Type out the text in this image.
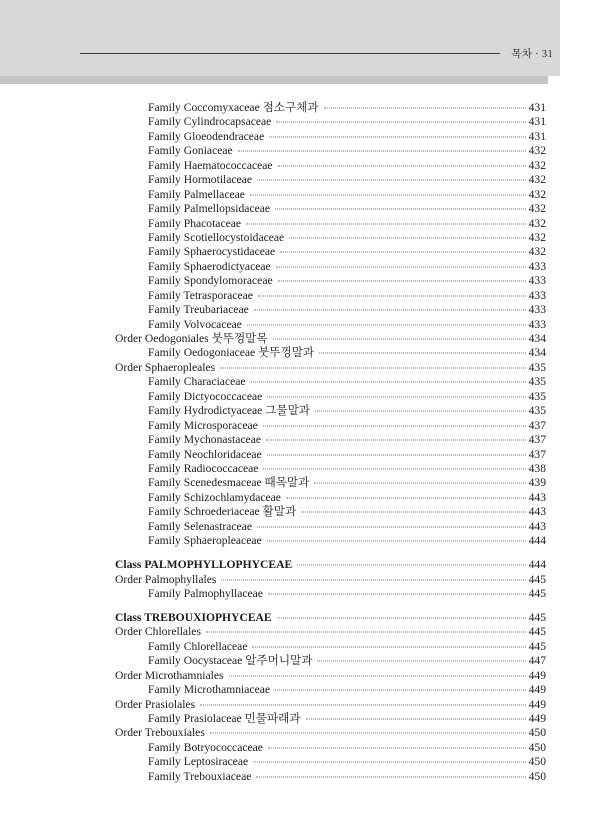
목차 · 31
Family Coccomyxaceae 점소구체과	431
Family Cylindrocapsaceae	431
Family Gloeodendraceae	431
Family Goniaceae	432
Family Haematococcaceae	432
Family Hormotilaceae	432
Family Palmellaceae	432
Family Palmellopsidaceae	432
Family Phacotaceae	432
Family Scotiellocystoidaceae	432
Family Sphaerocystidaceae	432
Family Sphaerodictyaceae	433
Family Spondylomoraceae	433
Family Tetrasporaceae	433
Family Treubariaceae	433
Family Volvocaceae	433
Order Oedogoniales 붓뚜껑말목	434
Family Oedogoniaceae 붓뚜껑말과	434
Order Sphaeropleales	435
Family Characiaceae	435
Family Dictyococcaceae	435
Family Hydrodictyaceae 그물말과	435
Family Microsporaceae	437
Family Mychonastaceae	437
Family Neochloridaceae	437
Family Radiococcaceae	438
Family Scenedesmaceae 때목말과	439
Family Schizochlamydaceae	443
Family Schroederiaceae 활말과	443
Family Selenastraceae	443
Family Sphaeropleaceae	444
Class PALMOPHYLLOPHYCEAE	444
Order Palmophyllales	445
Family Palmophyllaceae	445
Class TREBOUXIOPHYCEAE	445
Order Chlorellales	445
Family Chlorellaceae	445
Family Oocystaceae 알주머니말과	447
Order Microthamniales	449
Family Microthamniaceae	449
Order Prasiolales	449
Family Prasiolaceae 민물파래과	449
Order Trebouxiales	450
Family Botryococcaceae	450
Family Leptosiraceae	450
Family Trebouxiaceae	450
